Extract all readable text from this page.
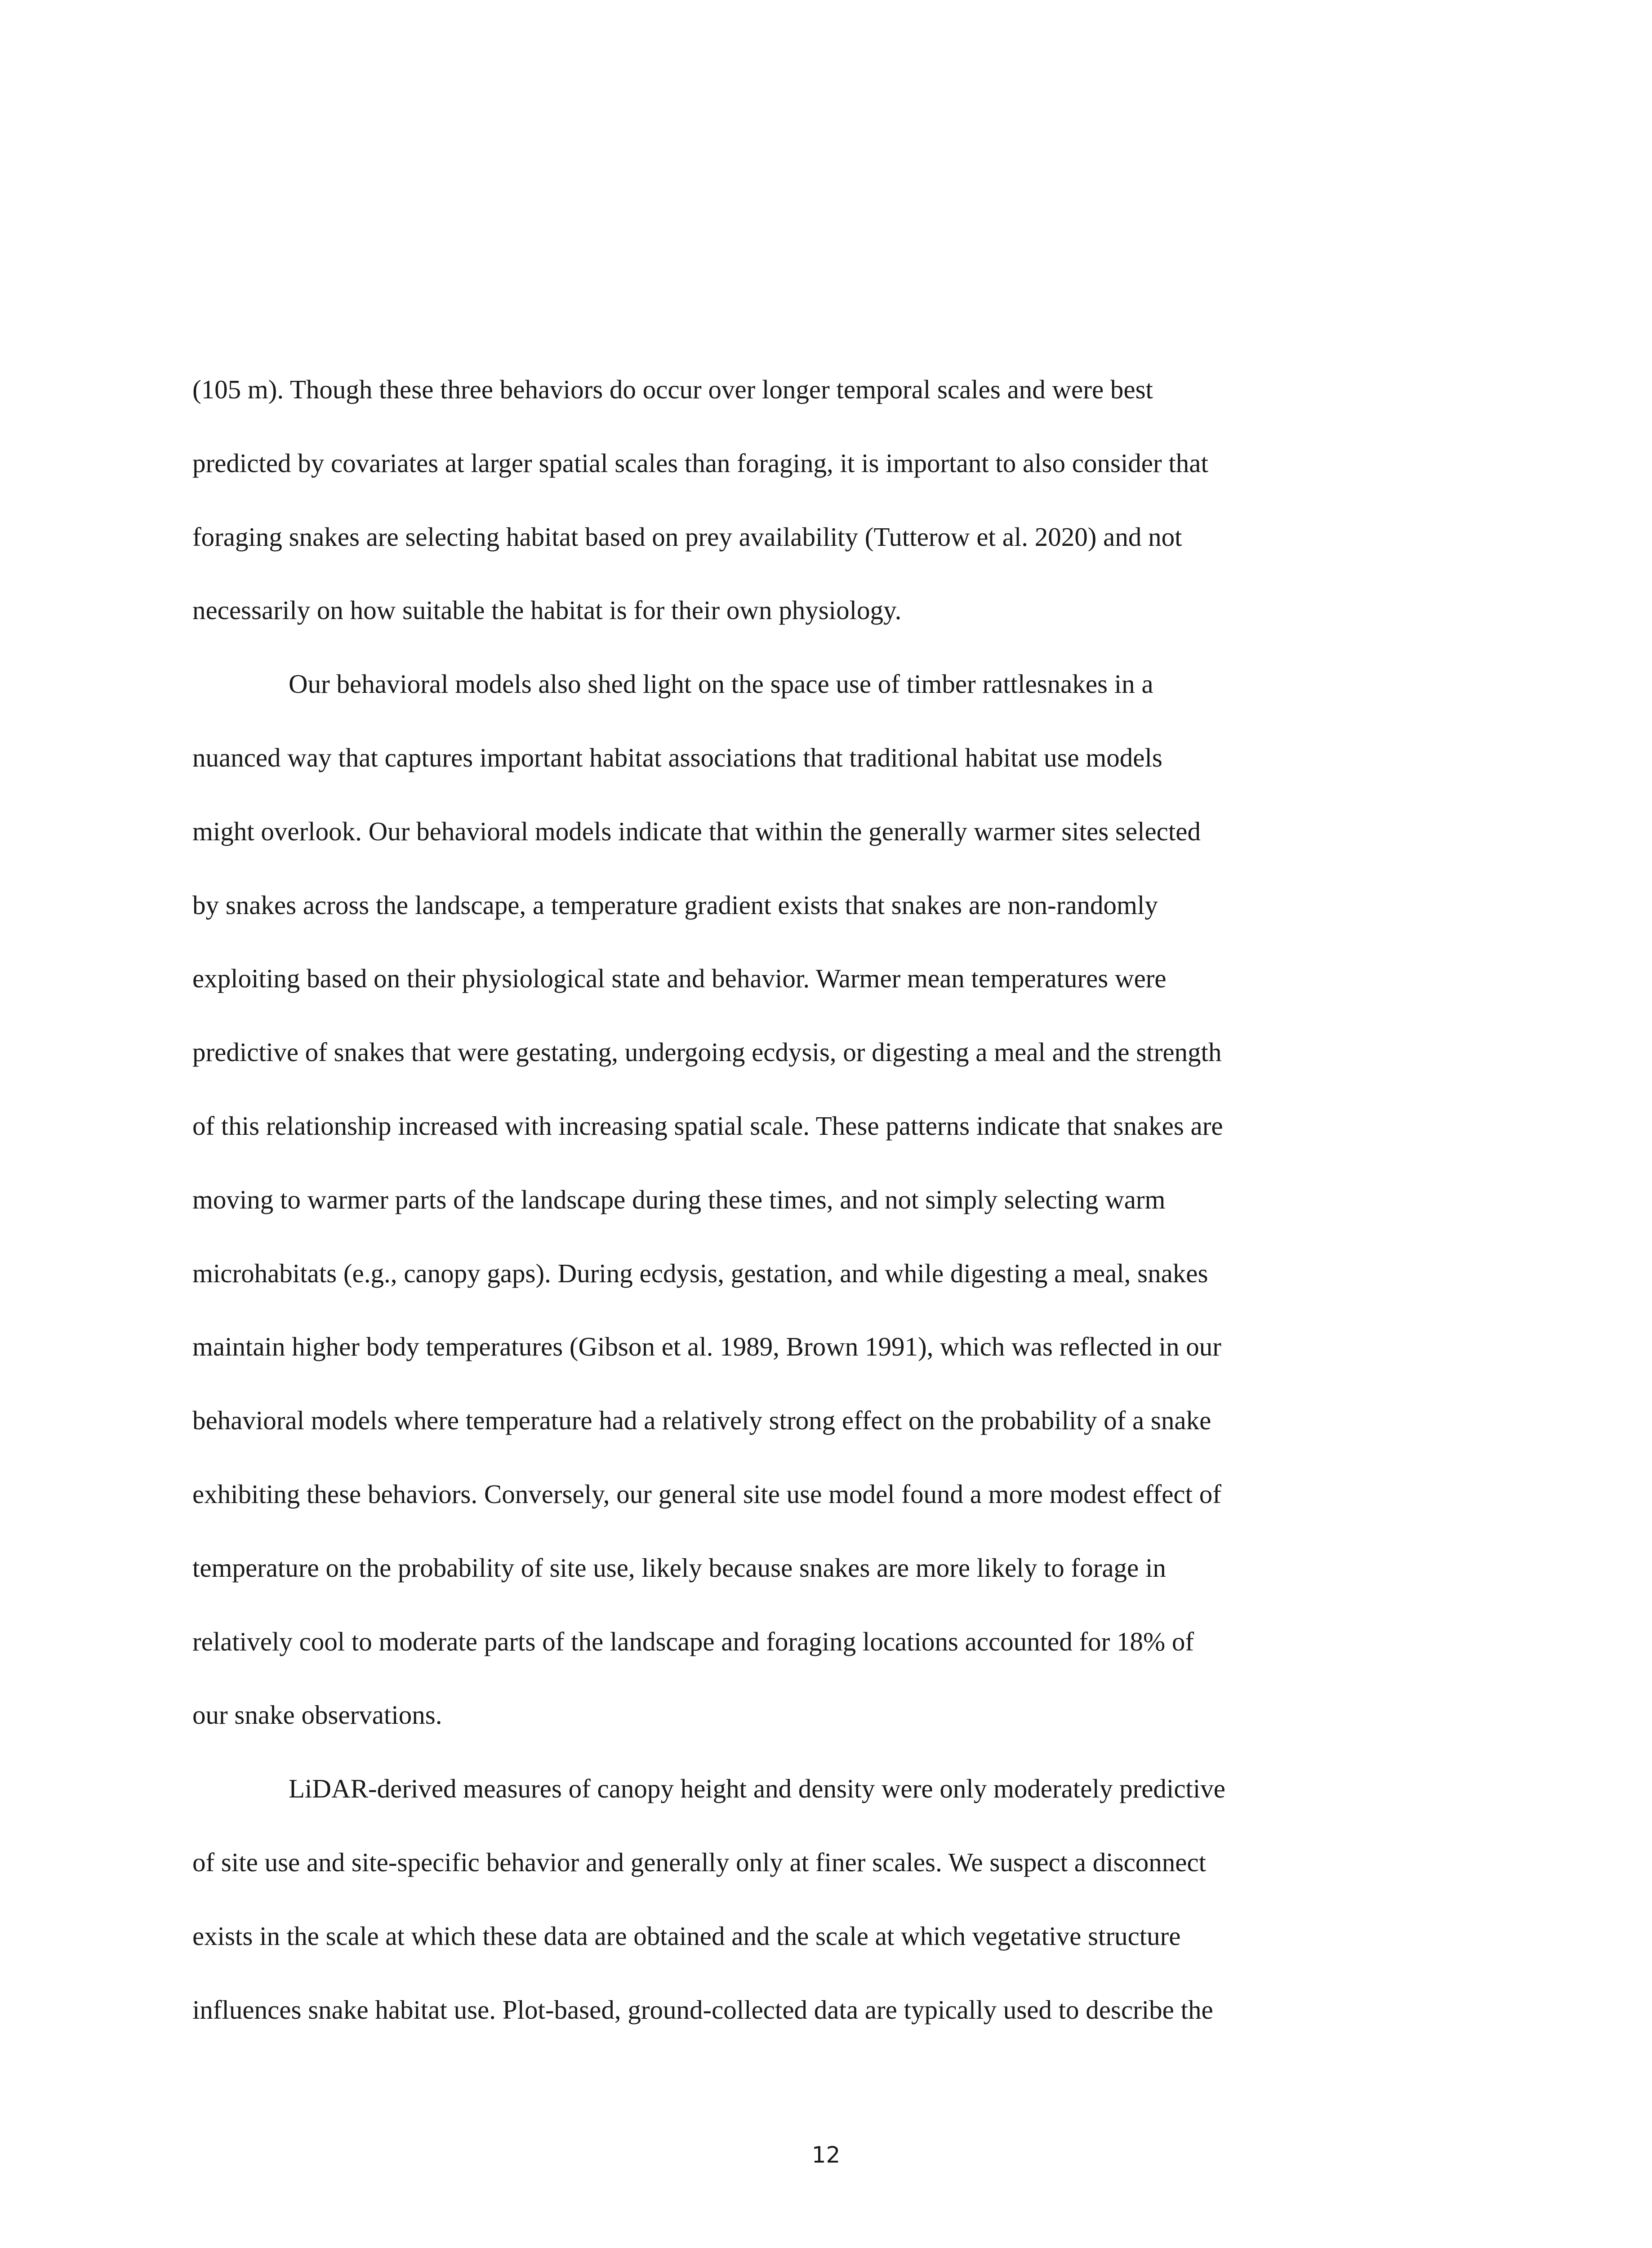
(105 m). Though these three behaviors do occur over longer temporal scales and were best

predicted by covariates at larger spatial scales than foraging, it is important to also consider that

foraging snakes are selecting habitat based on prey availability (Tutterow et al. 2020) and not

necessarily on how suitable the habitat is for their own physiology.

Our behavioral models also shed light on the space use of timber rattlesnakes in a

nuanced way that captures important habitat associations that traditional habitat use models

might overlook. Our behavioral models indicate that within the generally warmer sites selected

by snakes across the landscape, a temperature gradient exists that snakes are non-randomly

exploiting based on their physiological state and behavior. Warmer mean temperatures were

predictive of snakes that were gestating, undergoing ecdysis, or digesting a meal and the strength

of this relationship increased with increasing spatial scale. These patterns indicate that snakes are

moving to warmer parts of the landscape during these times, and not simply selecting warm

microhabitats (e.g., canopy gaps). During ecdysis, gestation, and while digesting a meal, snakes

maintain higher body temperatures (Gibson et al. 1989, Brown 1991), which was reflected in our

behavioral models where temperature had a relatively strong effect on the probability of a snake

exhibiting these behaviors. Conversely, our general site use model found a more modest effect of

temperature on the probability of site use, likely because snakes are more likely to forage in

relatively cool to moderate parts of the landscape and foraging locations accounted for 18% of

our snake observations.

LiDAR-derived measures of canopy height and density were only moderately predictive

of site use and site-specific behavior and generally only at finer scales. We suspect a disconnect

exists in the scale at which these data are obtained and the scale at which vegetative structure

influences snake habitat use. Plot-based, ground-collected data are typically used to describe the

12
